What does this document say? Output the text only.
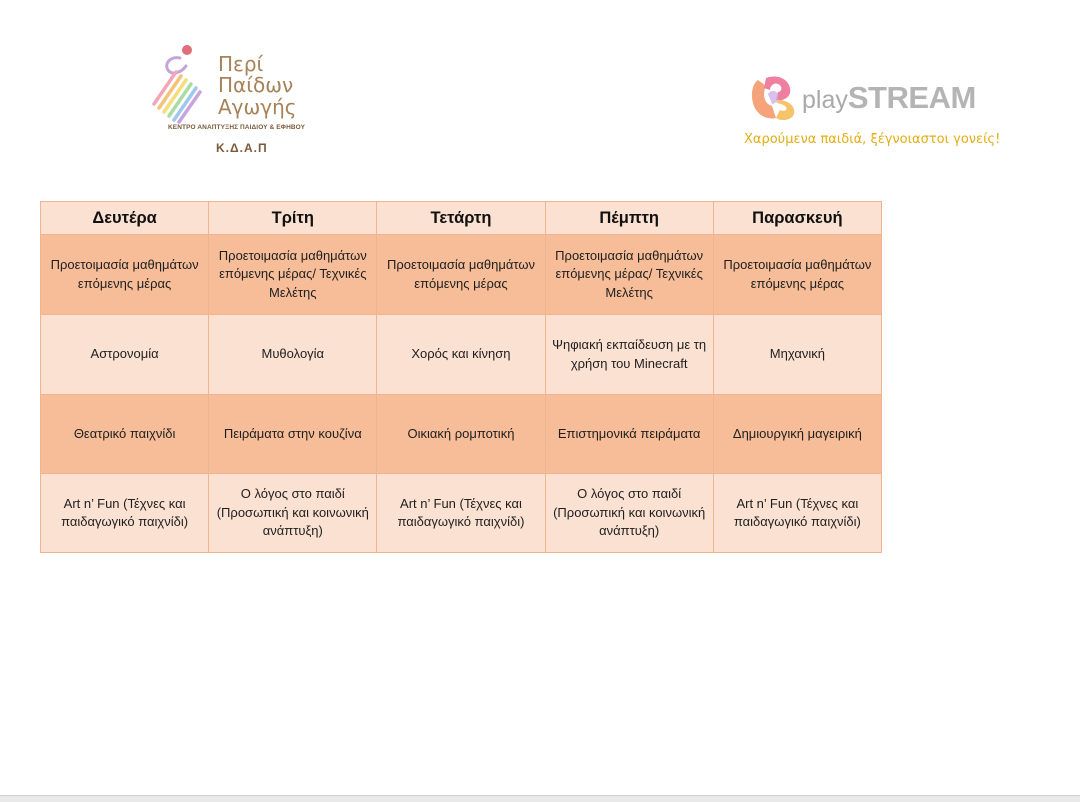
Περί
Παίδων
Αγωγής
ΚΕΝΤΡΟ ΑΝΑΠΤΥΞΗΣ ΠΑΙΔΙΟΥ & ΕΦΗΒΟΥ
Κ.Δ.Α.Π
playSTREAM
Χαρούμενα παιδιά, ξέγνοιαστοι γονείς!
Δευτέρα	Τρίτη	Τετάρτη	Πέμπτη	Παρασκευή
Προετοιμασία μαθημάτων επόμενης μέρας	Προετοιμασία μαθημάτων επόμενης μέρας/ Τεχνικές Μελέτης	Προετοιμασία μαθημάτων επόμενης μέρας	Προετοιμασία μαθημάτων επόμενης μέρας/ Τεχνικές Μελέτης	Προετοιμασία μαθημάτων επόμενης μέρας
Αστρονομία	Μυθολογία	Χορός και κίνηση	Ψηφιακή εκπαίδευση με τη χρήση του Minecraft	Μηχανική
Θεατρικό παιχνίδι	Πειράματα στην κουζίνα	Οικιακή ρομποτική	Επιστημονικά πειράματα	Δημιουργική μαγειρική
Art n’ Fun (Τέχνες και παιδαγωγικό παιχνίδι)	Ο λόγος στο παιδί (Προσωπική και κοινωνική ανάπτυξη)	Art n’ Fun (Τέχνες και παιδαγωγικό παιχνίδι)	Ο λόγος στο παιδί (Προσωπική και κοινωνική ανάπτυξη)	Art n’ Fun (Τέχνες και παιδαγωγικό παιχνίδι)
